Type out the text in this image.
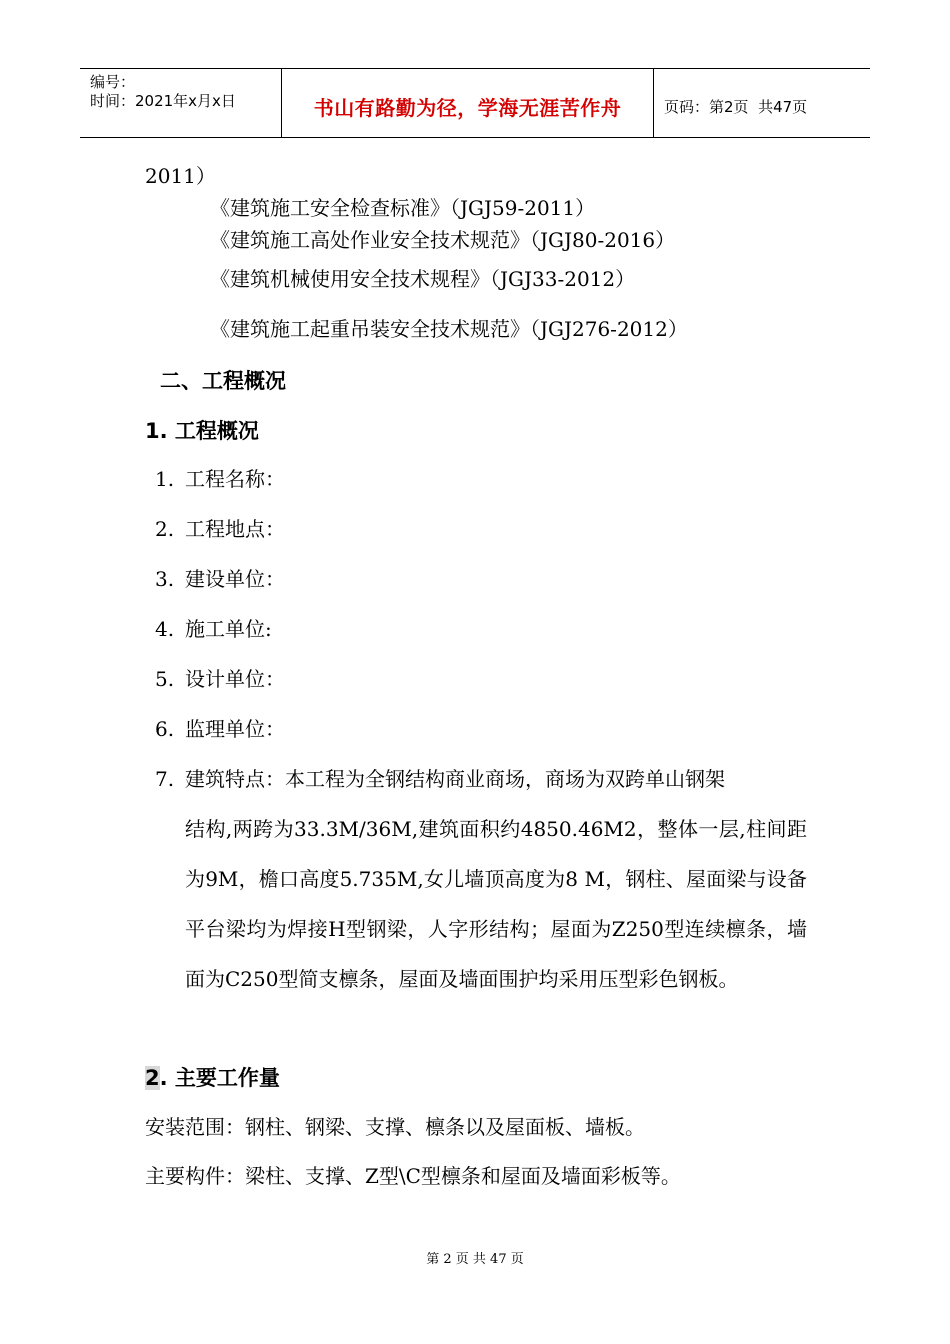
编号：
时间：2021年x月x日	书山有路勤为径，学海无涯苦作舟	页码：第2页  共47页
2011）
《建筑施工安全检查标准》（JGJ59-2011）
《建筑施工高处作业安全技术规范》（JGJ80-2016）
《建筑机械使用安全技术规程》（JGJ33-2012）
《建筑施工起重吊装安全技术规范》（JGJ276-2012）
二、工程概况
1. 工程概况
1. 工程名称：
2. 工程地点：
3. 建设单位：
4. 施工单位:
5. 设计单位：
6. 监理单位：
7. 建筑特点：本工程为全钢结构商业商场，商场为双跨单山钢架
结构,两跨为33.3M/36M,建筑面积约4850.46M2，整体一层,柱间距为9M，檐口高度5.735M,女儿墙顶高度为8 M，钢柱、屋面梁与设备平台梁均为焊接H型钢梁，人字形结构；屋面为Z250型连续檩条，墙面为C250型简支檩条，屋面及墙面围护均采用压型彩色钢板。
2. 主要工作量
安装范围：钢柱、钢梁、支撑、檩条以及屋面板、墙板。
主要构件：梁柱、支撑、Z型\C型檩条和屋面及墙面彩板等。
第 2 页 共 47 页
